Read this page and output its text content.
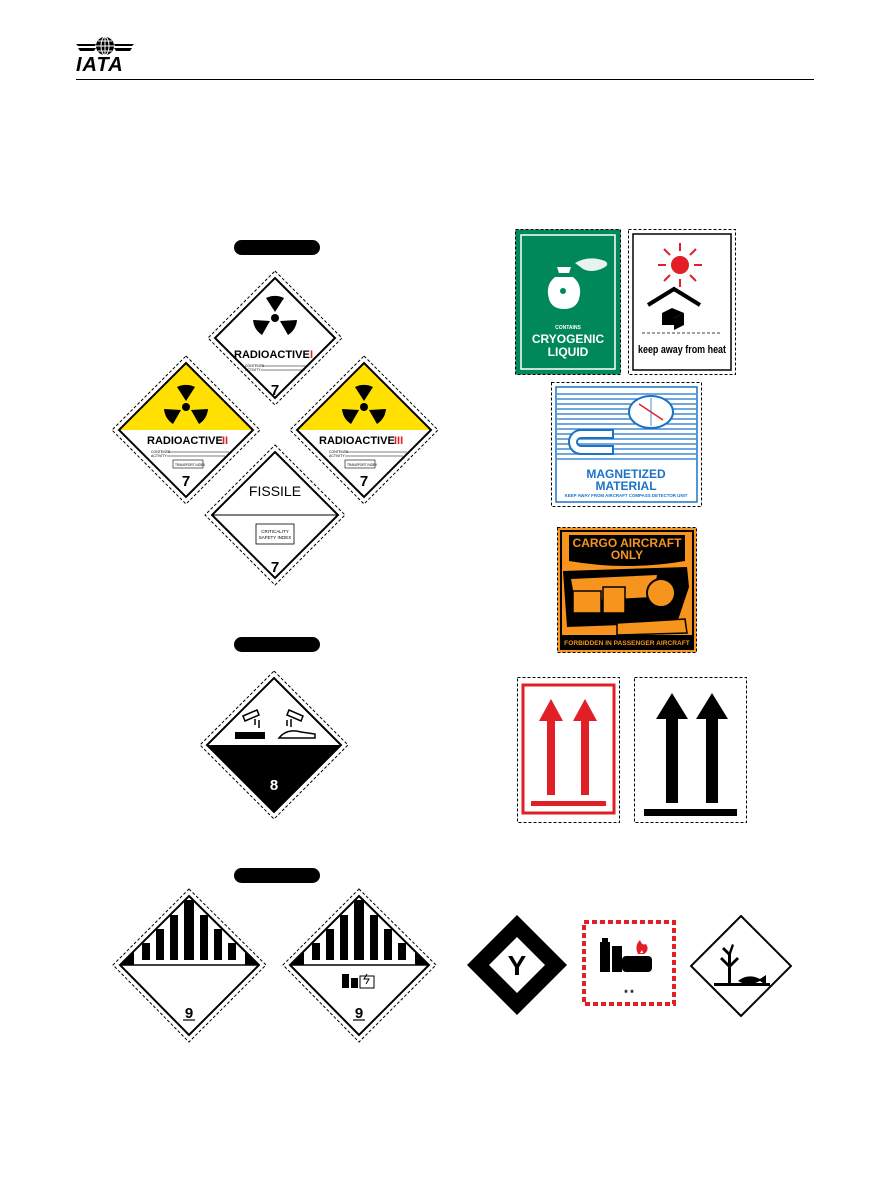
IATA
RADIOACTIVE I
CONTENTS
ACTIVITY
7
RADIOACTIVE II
CONTENTS
ACTIVITY
TRANSPORT INDEX
7
RADIOACTIVE III
CONTENTS
ACTIVITY
TRANSPORT INDEX
7
FISSILE
CRITICALITY
SAFETY INDEX
7
8
9	9
CONTAINS
CRYOGENIC
LIQUID	keep away from heat
MAGNETIZED
MATERIAL
KEEP AWAY FROM AIRCRAFT COMPASS DETECTOR UNIT
CARGO AIRCRAFT
ONLY
FORBIDDEN IN PASSENGER AIRCRAFT
Y
* *
